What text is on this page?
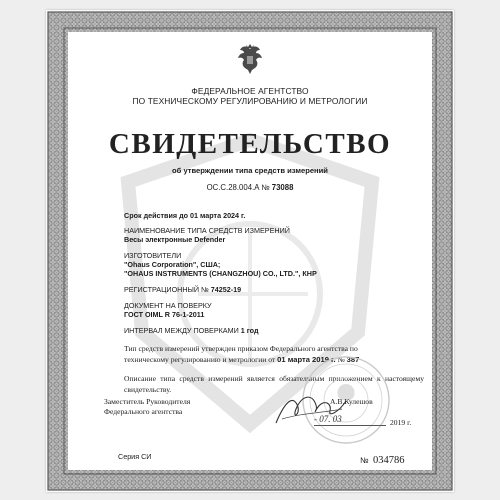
ФЕДЕРАЛЬНОЕ АГЕНТСТВО
ПО ТЕХНИЧЕСКОМУ РЕГУЛИРОВАНИЮ И МЕТРОЛОГИИ
СВИДЕТЕЛЬСТВО
об утверждении типа средств измерений
OC.C.28.004.A № 73088
Срок действия до 01 марта 2024 г.
НАИМЕНОВАНИЕ ТИПА СРЕДСТВ ИЗМЕРЕНИЙ
Весы электронные Defender
ИЗГОТОВИТЕЛИ
"Ohaus Corporation", США;
"OHAUS INSTRUMENTS (CHANGZHOU) CO., LTD.", КНР
РЕГИСТРАЦИОННЫЙ № 74252-19
ДОКУМЕНТ НА ПОВЕРКУ
ГОСТ OIML R 76-1-2011
ИНТЕРВАЛ МЕЖДУ ПОВЕРКАМИ 1 год
Тип средств измерений утвержден приказом Федерального агентства по
техническому регулированию и метрологии от 01 марта 2019 г. № 387
Описание типа средств измерений является обязательным приложением к настоящему свидетельству.
Заместитель Руководителя
Федерального агентства
А.В.Кулешов
- 07. 03	2019 г.
Серия СИ	№ 034786
